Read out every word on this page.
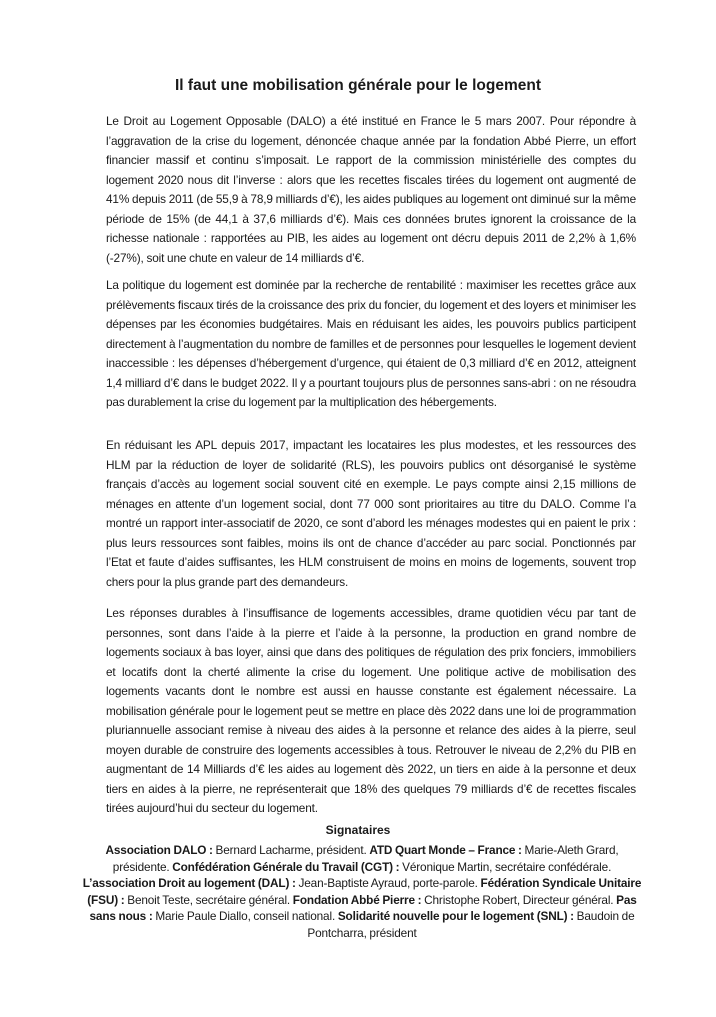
Il faut une mobilisation générale pour le logement

Le Droit au Logement Opposable (DALO) a été institué en France le 5 mars 2007. Pour répondre à l’aggravation de la crise du logement, dénoncée chaque année par la fondation Abbé Pierre, un effort financier massif et continu s’imposait. Le rapport de la commission ministérielle des comptes du logement 2020 nous dit l’inverse : alors que les recettes fiscales tirées du logement ont augmenté de 41% depuis 2011 (de 55,9 à 78,9 milliards d’€), les aides publiques au logement ont diminué sur la même période de 15% (de 44,1 à 37,6 milliards d’€). Mais ces données brutes ignorent la croissance de la richesse nationale : rapportées au PIB, les aides au logement ont décru depuis 2011 de 2,2% à 1,6% (-27%), soit une chute en valeur de 14 milliards d’€.

La politique du logement est dominée par la recherche de rentabilité : maximiser les recettes grâce aux prélèvements fiscaux tirés de la croissance des prix du foncier, du logement et des loyers et minimiser les dépenses par les économies budgétaires. Mais en réduisant les aides, les pouvoirs publics participent directement à l’augmentation du nombre de familles et de personnes pour lesquelles le logement devient inaccessible : les dépenses d’hébergement d’urgence, qui étaient de 0,3 milliard d’€ en 2012, atteignent 1,4 milliard d’€ dans le budget 2022. Il y a pourtant toujours plus de personnes sans-abri : on ne résoudra pas durablement la crise du logement par la multiplication des hébergements.

En réduisant les APL depuis 2017, impactant les locataires les plus modestes, et les ressources des HLM par la réduction de loyer de solidarité (RLS), les pouvoirs publics ont désorganisé le système français d’accès au logement social souvent cité en exemple. Le pays compte ainsi 2,15 millions de ménages en attente d’un logement social, dont 77 000 sont prioritaires au titre du DALO. Comme l’a montré un rapport inter-associatif de 2020, ce sont d’abord les ménages modestes qui en paient le prix : plus leurs ressources sont faibles, moins ils ont de chance d’accéder au parc social. Ponctionnés par l’Etat et faute d’aides suffisantes, les HLM construisent de moins en moins de logements, souvent trop chers pour la plus grande part des demandeurs.

Les réponses durables à l’insuffisance de logements accessibles, drame quotidien vécu par tant de personnes, sont dans l’aide à la pierre et l’aide à la personne, la production en grand nombre de logements sociaux à bas loyer, ainsi que dans des politiques de régulation des prix fonciers, immobiliers et locatifs dont la cherté alimente la crise du logement. Une politique active de mobilisation des logements vacants dont le nombre est aussi en hausse constante est également nécessaire. La mobilisation générale pour le logement peut se mettre en place dès 2022 dans une loi de programmation pluriannuelle associant remise à niveau des aides à la personne et relance des aides à la pierre, seul moyen durable de construire des logements accessibles à tous. Retrouver le niveau de 2,2% du PIB en augmentant de 14 Milliards d’€ les aides au logement dès 2022, un tiers en aide à la personne et deux tiers en aides à la pierre, ne représenterait que 18% des quelques 79 milliards d’€ de recettes fiscales tirées aujourd’hui du secteur du logement.

Signataires

Association DALO : Bernard Lacharme, président. ATD Quart Monde – France : Marie-Aleth Grard, présidente. Confédération Générale du Travail (CGT) : Véronique Martin, secrétaire confédérale. L’association Droit au logement (DAL) : Jean-Baptiste Ayraud, porte-parole. Fédération Syndicale Unitaire (FSU) : Benoit Teste, secrétaire général. Fondation Abbé Pierre : Christophe Robert, Directeur général. Pas sans nous : Marie Paule Diallo, conseil national. Solidarité nouvelle pour le logement (SNL) : Baudoin de Pontcharra, président
